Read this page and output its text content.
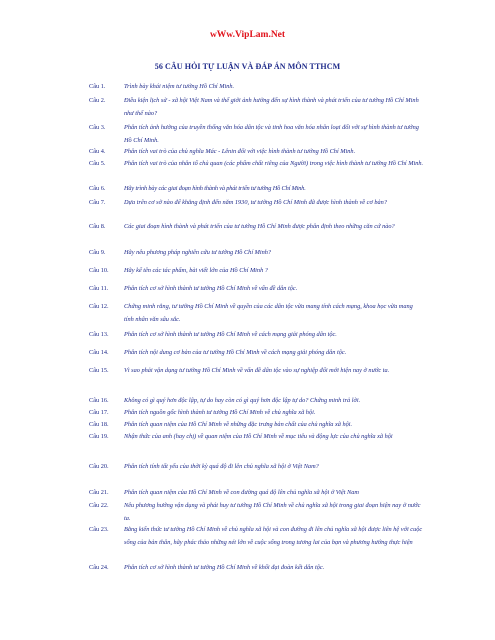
wWw.VipLam.Net
56 CÂU HỎI TỰ LUẬN VÀ ĐÁP ÁN MÔN TTHCM
Câu 1.	Trình bày khái niệm tư tưởng Hồ Chí Minh.
Câu 2.	Điều kiện lịch sử - xã hội Việt Nam và thế giới ảnh hưởng đến sự hình thành và phát triển của tư tưởng Hồ Chí Minh như thế nào?
Câu 3.	Phân tích ảnh hưởng của truyền thống văn hóa dân tộc và tinh hoa văn hóa nhân loại đối với sự hình thành tư tưởng Hồ Chí Minh.
Câu 4.	Phân tích vai trò của chủ nghĩa Mác - Lênin đối với việc hình thành tư tưởng Hồ Chí Minh.
Câu 5.	Phân tích vai trò của nhân tố chủ quan (các phẩm chất riêng của Người) trong việc hình thành tư tưởng Hồ Chí Minh.
Câu 6.	Hãy trình bày các giai đoạn hình thành và phát triển tư tưởng Hồ Chí Minh.
Câu 7.	Dựa trên cơ sở nào để khẳng định đến năm 1930, tư tưởng Hồ Chí Minh đã được hình thành về cơ bản?
Câu 8.	Các giai đoạn hình thành và phát triển của tư tưởng Hồ Chí Minh được phân định theo những căn cứ nào?
Câu 9.	Hãy nêu phương pháp nghiên cứu tư tưởng Hồ Chí Minh?
Câu 10. Hãy kể tên các tác phẩm, bài viết lớn của Hồ Chí Minh ?
Câu 11. Phân tích cơ sở hình thành tư tưởng Hồ Chí Minh về vấn đề dân tộc.
Câu 12. Chứng minh rằng, tư tưởng Hồ Chí Minh về quyền của các dân tộc vừa mang tính cách mạng, khoa học vừa mang tính nhân văn sâu sắc.
Câu 13. Phân tích cơ sở hình thành tư tưởng Hồ Chí Minh về cách mạng giải phóng dân tộc.
Câu 14. Phân tích nội dung cơ bản của tư tưởng Hồ Chí Minh về cách mạng giải phóng dân tộc.
Câu 15. Vì sao phải vận dụng tư tưởng Hồ Chí Minh về vấn đề dân tộc vào sự nghiệp đổi mới hiện nay ở nước ta.
Câu 16. Không có gì quý hơn độc lập, tự do hay còn có gì quý hơn độc lập tự do? Chứng minh trả lời.
Câu 17. Phân tích nguồn gốc hình thành tư tưởng Hồ Chí Minh về chủ nghĩa xã hội.
Câu 18. Phân tích quan niệm của Hồ Chí Minh về những đặc trưng bản chất của chủ nghĩa xã hội.
Câu 19. Nhận thức của anh (hay chị) về quan niệm của Hồ Chí Minh về mục tiêu và động lực của chủ nghĩa xã hội
Câu 20. Phân tích tính tất yếu của thời kỳ quá độ đi lên chủ nghĩa xã hội ở Việt Nam?
Câu 21. Phân tích quan niệm của Hồ Chí Minh về con đường quá độ lên chủ nghĩa xã hội ở Việt Nam
Câu 22. Nêu phương hướng vận dụng và phát huy tư tưởng Hồ Chí Minh về chủ nghĩa xã hội trong giai đoạn hiện nay ở nước ta.
Câu 23. Bằng kiến thức tư tưởng Hồ Chí Minh về chủ nghĩa xã hội và con đường đi lên chủ nghĩa xã hội được liên hệ với cuộc sống của bản thân, hãy phác thảo những nét lớn về cuộc sống trong tương lai của bạn và phương hướng thực hiện
Câu 24. Phân tích cơ sở hình thành tư tưởng Hồ Chí Minh về khối đại đoàn kết dân tộc.
